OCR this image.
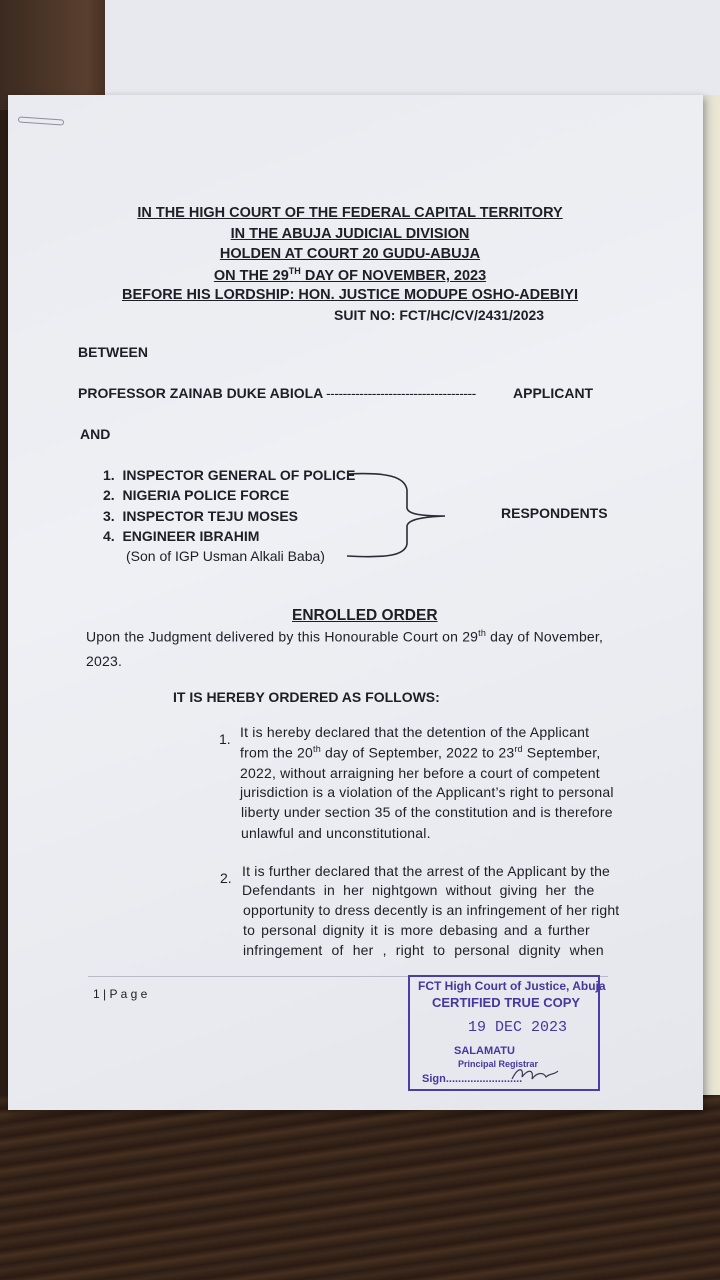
IN THE HIGH COURT OF THE FEDERAL CAPITAL TERRITORY
IN THE ABUJA JUDICIAL DIVISION
HOLDEN AT COURT 20 GUDU-ABUJA
ON THE 29TH DAY OF NOVEMBER, 2023
BEFORE HIS LORDSHIP: HON. JUSTICE MODUPE OSHO-ADEBIYI
SUIT NO: FCT/HC/CV/2431/2023
BETWEEN
PROFESSOR ZAINAB DUKE ABIOLA ------------------------------------	APPLICANT
AND
1. INSPECTOR GENERAL OF POLICE
2. NIGERIA POLICE FORCE
3. INSPECTOR TEJU MOSES
4. ENGINEER IBRAHIM
(Son of IGP Usman Alkali Baba)
RESPONDENTS
ENROLLED ORDER
Upon the Judgment delivered by this Honourable Court on 29th day of November,
2023.
IT IS HEREBY ORDERED AS FOLLOWS:
1. It is hereby declared that the detention of the Applicant
from the 20th day of September, 2022 to 23rd September,
2022, without arraigning her before a court of competent
jurisdiction is a violation of the Applicant’s right to personal
liberty under section 35 of the constitution and is therefore
unlawful and unconstitutional.
2. It is further declared that the arrest of the Applicant by the
Defendants in her nightgown without giving her the
opportunity to dress decently is an infringement of her right
to personal dignity it is more debasing and a further
infringement of her , right to personal dignity when
1 | P a g e
FCT High Court of Justice, Abuja
CERTIFIED TRUE COPY
19 DEC 2023
SALAMATU
Principal Registrar
Sign.........................
